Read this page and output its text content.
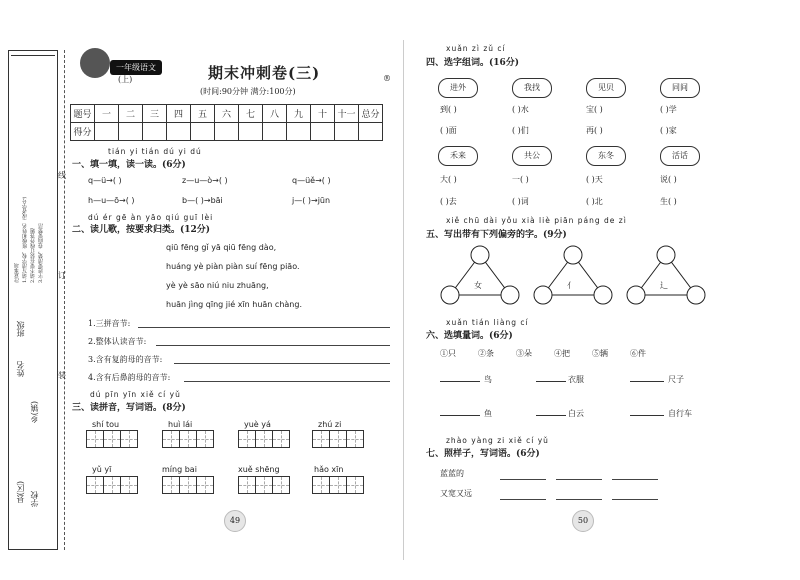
注意事项 1.请写清学校、班级和姓名（或者学号） 2.请不要在装订线外答题 3.字迹要清楚，卷面要整洁
班级
姓名
县(区)
乡(镇)
学校
线
订
装
一年级语文
(上)	期末冲刺卷(三)	®
(时间:90分钟 满分:100分)
题号	一	二	三	四	五	六	七	八	九	十	十一	总分
得分												
tián yi tián dú yi dú
一、填一填，读一读。(6分)
q—ü→( )	z—u—ò→( )	q—üě→( )
h—u—ō→( )	b—( )→bāi	j—( )→jūn
dú ér gē àn yāo qiú guī lèi
二、读儿歌，按要求归类。(12分)
qiū fēng gǐ yā qiū fēng dào,
huáng yè piàn piàn suí fēng piāo.
yè yè sāo niú niu zhuāng,
huān jìng qīng jié xīn huān chàng.
1.三拼音节:
2.整体认读音节:
3.含有复韵母的音节:
4.含有后鼻韵母的音节:
dú pīn yīn xiě cí yǔ
三、读拼音，写词语。(8分)
shí tou	huì lái	yuè yá	zhú zi
yǔ yī	míng bai	xuě shēng	hǎo xīn
49
xuǎn zì zǔ cí
四、选字组词。(16分)
进外	我找	见贝	同间
到( )	( )水	宝( )	( )学
( )面	( )们	再( )	( )家
禾来	共公	东冬	活话
大( )	一( )	( )天	说( )
( )去	( )词	( )北	生( )
xiě chū dài yǒu xià liè piān páng de zì
五、写出带有下列偏旁的字。(9分)
女	亻	辶
xuǎn tián liàng cí
六、选填量词。(6分)
①只	②条	③朵	④把	⑤辆	⑥件
鸟	衣服	尺子
鱼	白云	自行车
zhào yàng zi xiě cí yǔ
七、照样子，写词语。(6分)
蓝蓝的
又宽又远
50
